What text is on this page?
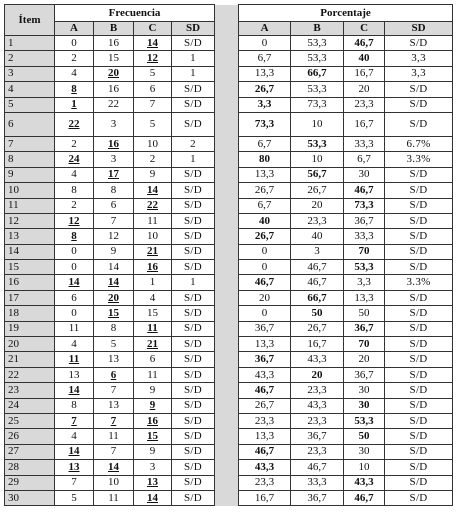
Ítem	Frecuencia					Porcentaje			
	A	B	C	SD		A	B	C	SD
1	0	16	14	S/D		0	53,3	46,7	S/D
2	2	15	12	1		6,7	53,3	40	3,3
3	4	20	5	1		13,3	66,7	16,7	3,3
4	8	16	6	S/D		26,7	53,3	20	S/D
5	1	22	7	S/D		3,3	73,3	23,3	S/D
6	22	3	5	S/D		73,3	10	16,7	S/D
7	2	16	10	2		6,7	53,3	33,3	6.7%
8	24	3	2	1		80	10	6,7	3.3%
9	4	17	9	S/D		13,3	56,7	30	S/D
10	8	8	14	S/D		26,7	26,7	46,7	S/D
11	2	6	22	S/D		6,7	20	73,3	S/D
12	12	7	11	S/D		40	23,3	36,7	S/D
13	8	12	10	S/D		26,7	40	33,3	S/D
14	0	9	21	S/D		0	3	70	S/D
15	0	14	16	S/D		0	46,7	53,3	S/D
16	14	14	1	1		46,7	46,7	3,3	3.3%
17	6	20	4	S/D		20	66,7	13,3	S/D
18	0	15	15	S/D		0	50	50	S/D
19	11	8	11	S/D		36,7	26,7	36,7	S/D
20	4	5	21	S/D		13,3	16,7	70	S/D
21	11	13	6	S/D		36,7	43,3	20	S/D
22	13	6	11	S/D		43,3	20	36,7	S/D
23	14	7	9	S/D		46,7	23,3	30	S/D
24	8	13	9	S/D		26,7	43,3	30	S/D
25	7	7	16	S/D		23,3	23,3	53,3	S/D
26	4	11	15	S/D		13,3	36,7	50	S/D
27	14	7	9	S/D		46,7	23,3	30	S/D
28	13	14	3	S/D		43,3	46,7	10	S/D
29	7	10	13	S/D		23,3	33,3	43,3	S/D
30	5	11	14	S/D		16,7	36,7	46,7	S/D
